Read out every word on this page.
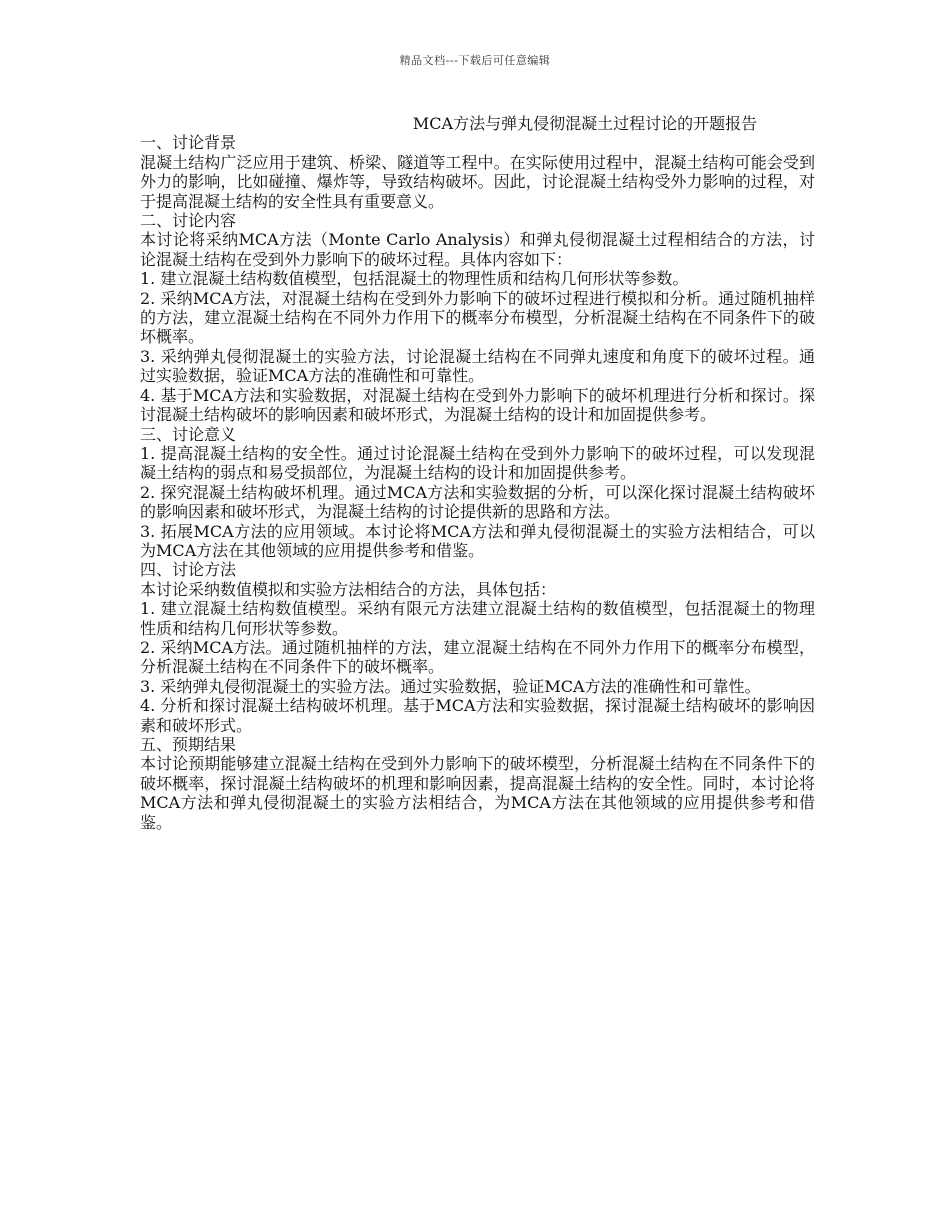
精品文档---下载后可任意编辑
MCA方法与弹丸侵彻混凝土过程讨论的开题报告

一、讨论背景

混凝土结构广泛应用于建筑、桥梁、隧道等工程中。在实际使用过程中，混凝土结构可能会受到外力的影响，比如碰撞、爆炸等，导致结构破坏。因此，讨论混凝土结构受外力影响的过程，对于提高混凝土结构的安全性具有重要意义。

二、讨论内容

本讨论将采纳MCA方法（Monte Carlo Analysis）和弹丸侵彻混凝土过程相结合的方法，讨论混凝土结构在受到外力影响下的破坏过程。具体内容如下：

1. 建立混凝土结构数值模型，包括混凝土的物理性质和结构几何形状等参数。

2. 采纳MCA方法，对混凝土结构在受到外力影响下的破坏过程进行模拟和分析。通过随机抽样的方法，建立混凝土结构在不同外力作用下的概率分布模型，分析混凝土结构在不同条件下的破坏概率。

3. 采纳弹丸侵彻混凝土的实验方法，讨论混凝土结构在不同弹丸速度和角度下的破坏过程。通过实验数据，验证MCA方法的准确性和可靠性。

4. 基于MCA方法和实验数据，对混凝土结构在受到外力影响下的破坏机理进行分析和探讨。探讨混凝土结构破坏的影响因素和破坏形式，为混凝土结构的设计和加固提供参考。

三、讨论意义

1. 提高混凝土结构的安全性。通过讨论混凝土结构在受到外力影响下的破坏过程，可以发现混凝土结构的弱点和易受损部位，为混凝土结构的设计和加固提供参考。

2. 探究混凝土结构破坏机理。通过MCA方法和实验数据的分析，可以深化探讨混凝土结构破坏的影响因素和破坏形式，为混凝土结构的讨论提供新的思路和方法。

3. 拓展MCA方法的应用领域。本讨论将MCA方法和弹丸侵彻混凝土的实验方法相结合，可以为MCA方法在其他领域的应用提供参考和借鉴。

四、讨论方法

本讨论采纳数值模拟和实验方法相结合的方法，具体包括：

1. 建立混凝土结构数值模型。采纳有限元方法建立混凝土结构的数值模型，包括混凝土的物理性质和结构几何形状等参数。

2. 采纳MCA方法。通过随机抽样的方法，建立混凝土结构在不同外力作用下的概率分布模型，分析混凝土结构在不同条件下的破坏概率。

3. 采纳弹丸侵彻混凝土的实验方法。通过实验数据，验证MCA方法的准确性和可靠性。

4. 分析和探讨混凝土结构破坏机理。基于MCA方法和实验数据，探讨混凝土结构破坏的影响因素和破坏形式。

五、预期结果

本讨论预期能够建立混凝土结构在受到外力影响下的破坏模型，分析混凝土结构在不同条件下的破坏概率，探讨混凝土结构破坏的机理和影响因素，提高混凝土结构的安全性。同时，本讨论将MCA方法和弹丸侵彻混凝土的实验方法相结合，为MCA方法在其他领域的应用提供参考和借鉴。
